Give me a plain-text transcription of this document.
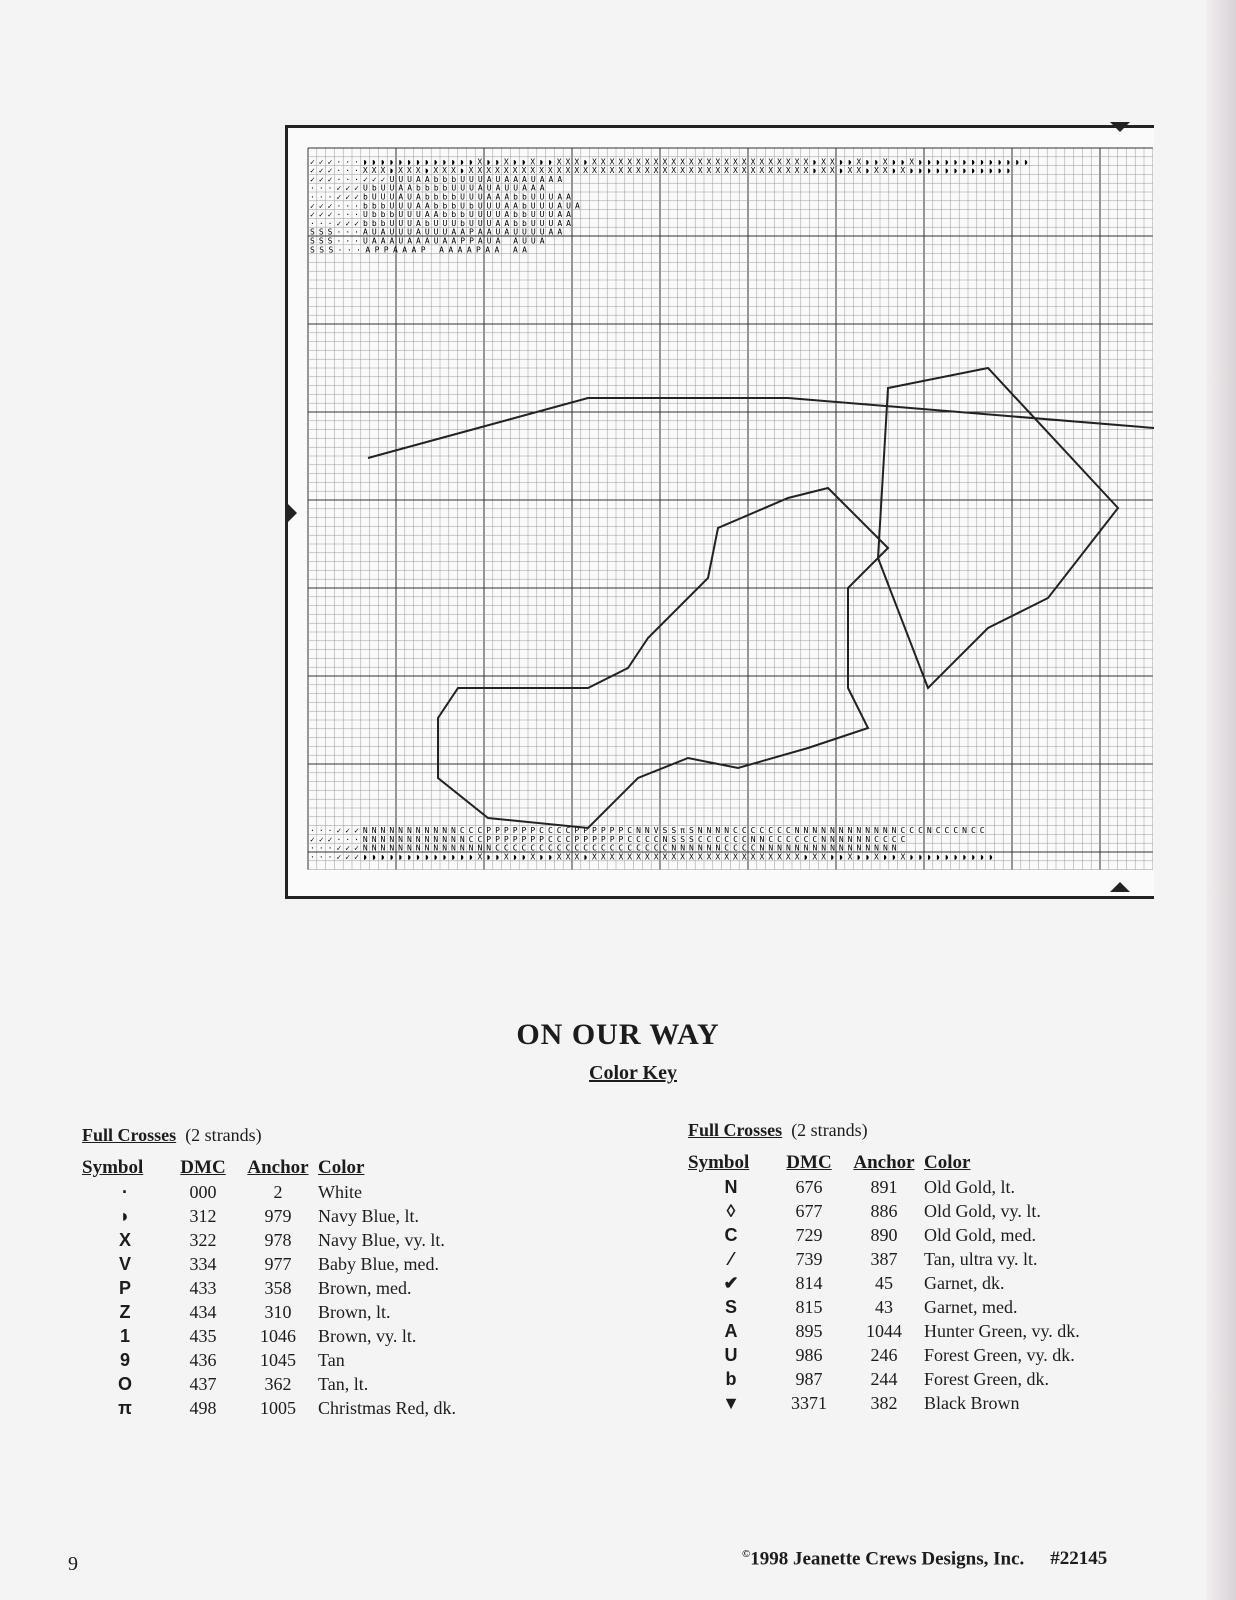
✓✓✓···◗◗◗◗◗◗◗◗◗◗◗◗◗X◗◗X◗◗X◗◗XXX◗XXXXXXXXXXXXXXXXXXXXXXXXX◗XX◗◗X◗◗X◗◗X◗◗◗◗◗◗◗◗◗◗◗◗◗
✓✓✓···XXX◗XXX◗XXX◗XXXXXXXXXXXXXXXXXXXXXXXXXXXXXXXXXXXXXXX◗XX◗XX◗XX◗X◗◗◗◗◗◗◗◗◗◗◗◗
✓✓✓···✓✓✓UUUAAbbbUUUAUAAAUAAA
···✓✓✓UbUUAAbbbbUUUAUAUUAAA
···✓✓✓bUUUAUAbbbbUUUAAAbbUUUAA
✓✓✓···bbbUUUAAbbbUbUUUAAbUUUAUA
✓✓✓···UbbbUUUAAbbbUUUUAbbUUUAA
···✓✓✓bbbUUUAbUUUbUUUAAbbUUUAA
SSS···AUAUUUAUUUAAPAAUAUUUUAA
SSS···UAAAUAAAUAAPPAUA AUUA
SSS···APPAAAP AAAAPAA AA
···✓✓✓NNNNNNNNNNNCCCPPPPPPCCCCPPPPPPCNNVSSπSNNNNCCCCCCCNNNNNNNNNNNNCCCNCCCNCC
✓✓✓···NNNNNNNNNNNNCCPPPPPPPCCCPPPPPPCCCCNSSSCCCCCCNNCCCCCCNNNNNNCCCC
···✓✓✓NNNNNNNNNNNNNNNCCCCCCCCCCCCCCCCCCCCNNNNNNCCCCNNNNNNNNNNNNNNNN
···✓✓✓◗◗◗◗◗◗◗◗◗◗◗◗◗X◗◗X◗◗X◗◗XXX◗XXXXXXXXXXXXXXXXXXXXXXXX◗XX◗◗X◗◗X◗◗X◗◗◗◗◗◗◗◗◗◗
ON OUR WAY
Color Key
Full Crosses (2 strands)
Symbol	DMC	Anchor	Color
·	000	2	White
◗	312	979	Navy Blue, lt.
X	322	978	Navy Blue, vy. lt.
V	334	977	Baby Blue, med.
P	433	358	Brown, med.
Z	434	310	Brown, lt.
1	435	1046	Brown, vy. lt.
9	436	1045	Tan
O	437	362	Tan, lt.
π	498	1005	Christmas Red, dk.
Full Crosses (2 strands)
Symbol	DMC	Anchor	Color
N	676	891	Old Gold, lt.
◊	677	886	Old Gold, vy. lt.
C	729	890	Old Gold, med.
⁄	739	387	Tan, ultra vy. lt.
✔	814	45	Garnet, dk.
S	815	43	Garnet, med.
A	895	1044	Hunter Green, vy. dk.
U	986	246	Forest Green, vy. dk.
b	987	244	Forest Green, dk.
▼	3371	382	Black Brown
9	©1998 Jeanette Crews Designs, Inc. #22145
